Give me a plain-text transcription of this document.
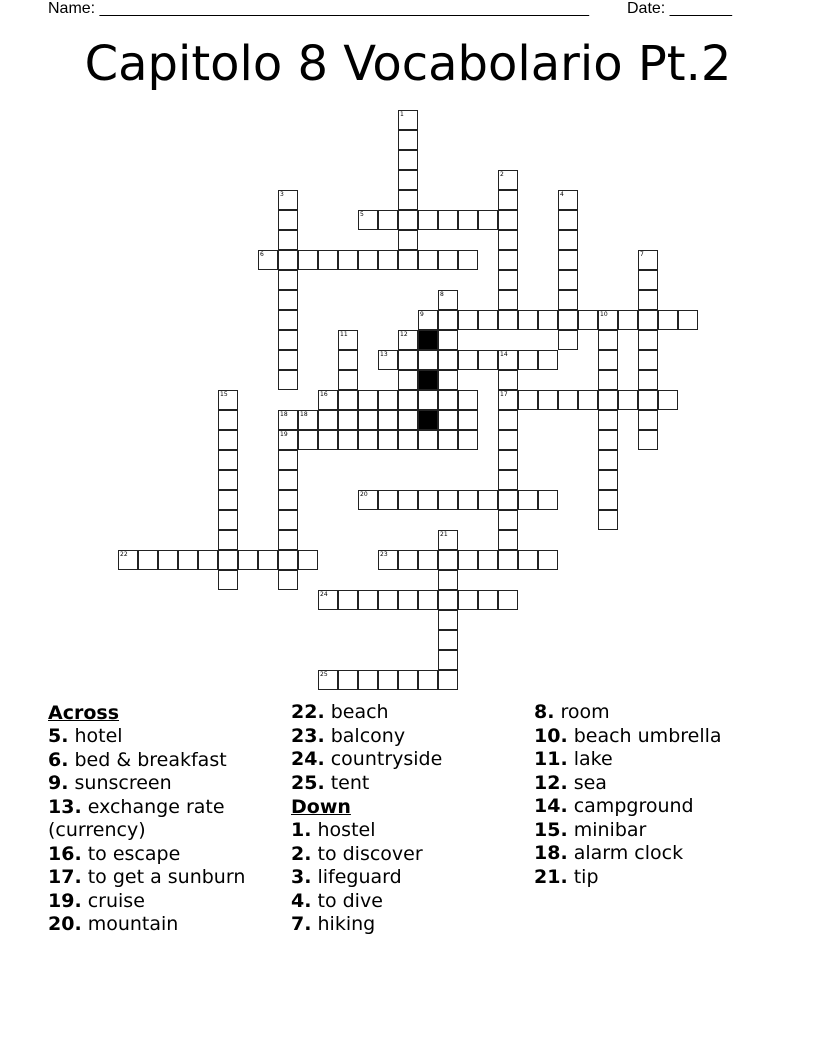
Name: _______________________________________________________ Date: _______
Capitolo 8 Vocabolario Pt.2
5
6
9	10
13	14
16	17
18
19
20
22	23
24
25
1
2
3	4
7
8
11	12
15
18
21
Across
5. hotel
6. bed & breakfast
9. sunscreen
13. exchange rate
(currency)
16. to escape
17. to get a sunburn
19. cruise
20. mountain
22. beach
23. balcony
24. countryside
25. tent
Down
1. hostel
2. to discover
3. lifeguard
4. to dive
7. hiking
8. room
10. beach umbrella
11. lake
12. sea
14. campground
15. minibar
18. alarm clock
21. tip
